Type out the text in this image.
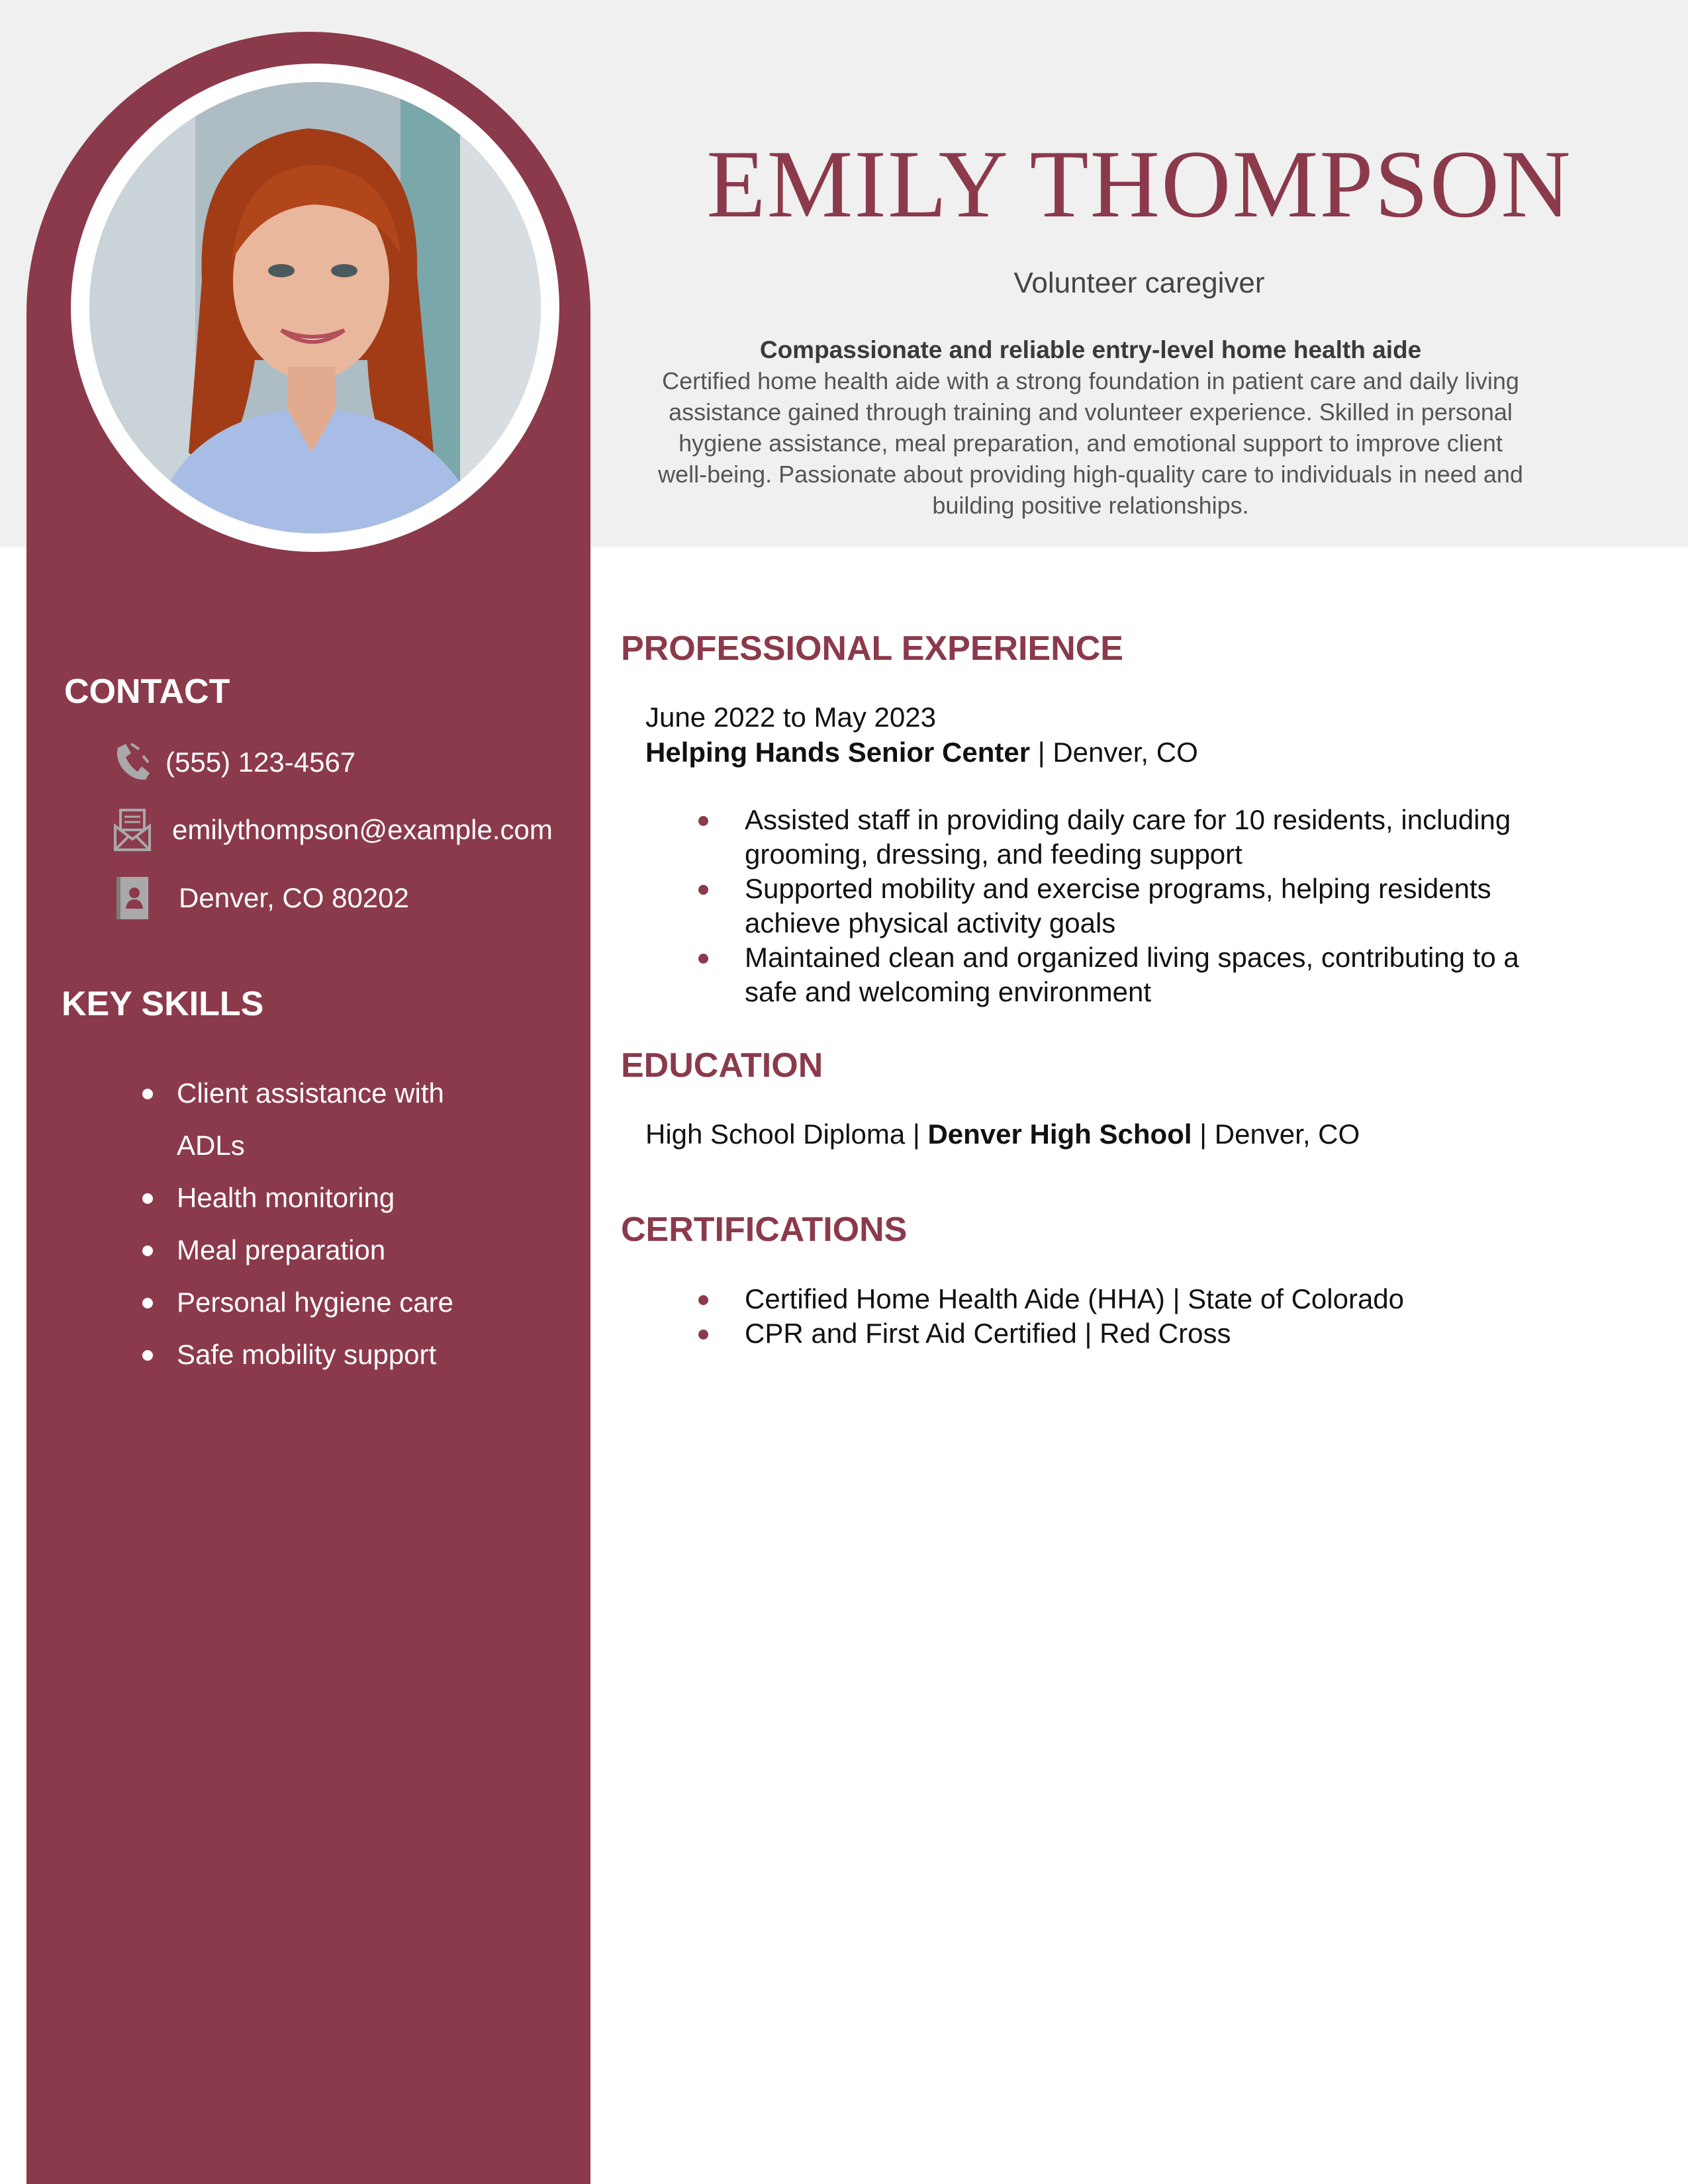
EMILY THOMPSON
Volunteer caregiver
Compassionate and reliable entry-level home health aide
Certified home health aide with a strong foundation in patient care and daily living assistance gained through training and volunteer experience. Skilled in personal hygiene assistance, meal preparation, and emotional support to improve client well-being. Passionate about providing high-quality care to individuals in need and building positive relationships.
CONTACT
(555) 123-4567
emilythompson@example.com
Denver, CO 80202
KEY SKILLS
Client assistance with ADLs
Health monitoring
Meal preparation
Personal hygiene care
Safe mobility support
PROFESSIONAL EXPERIENCE
June 2022 to May 2023
Helping Hands Senior Center | Denver, CO
Assisted staff in providing daily care for 10 residents, including grooming, dressing, and feeding support
Supported mobility and exercise programs, helping residents achieve physical activity goals
Maintained clean and organized living spaces, contributing to a safe and welcoming environment
EDUCATION
High School Diploma | Denver High School | Denver, CO
CERTIFICATIONS
Certified Home Health Aide (HHA) | State of Colorado
CPR and First Aid Certified | Red Cross
